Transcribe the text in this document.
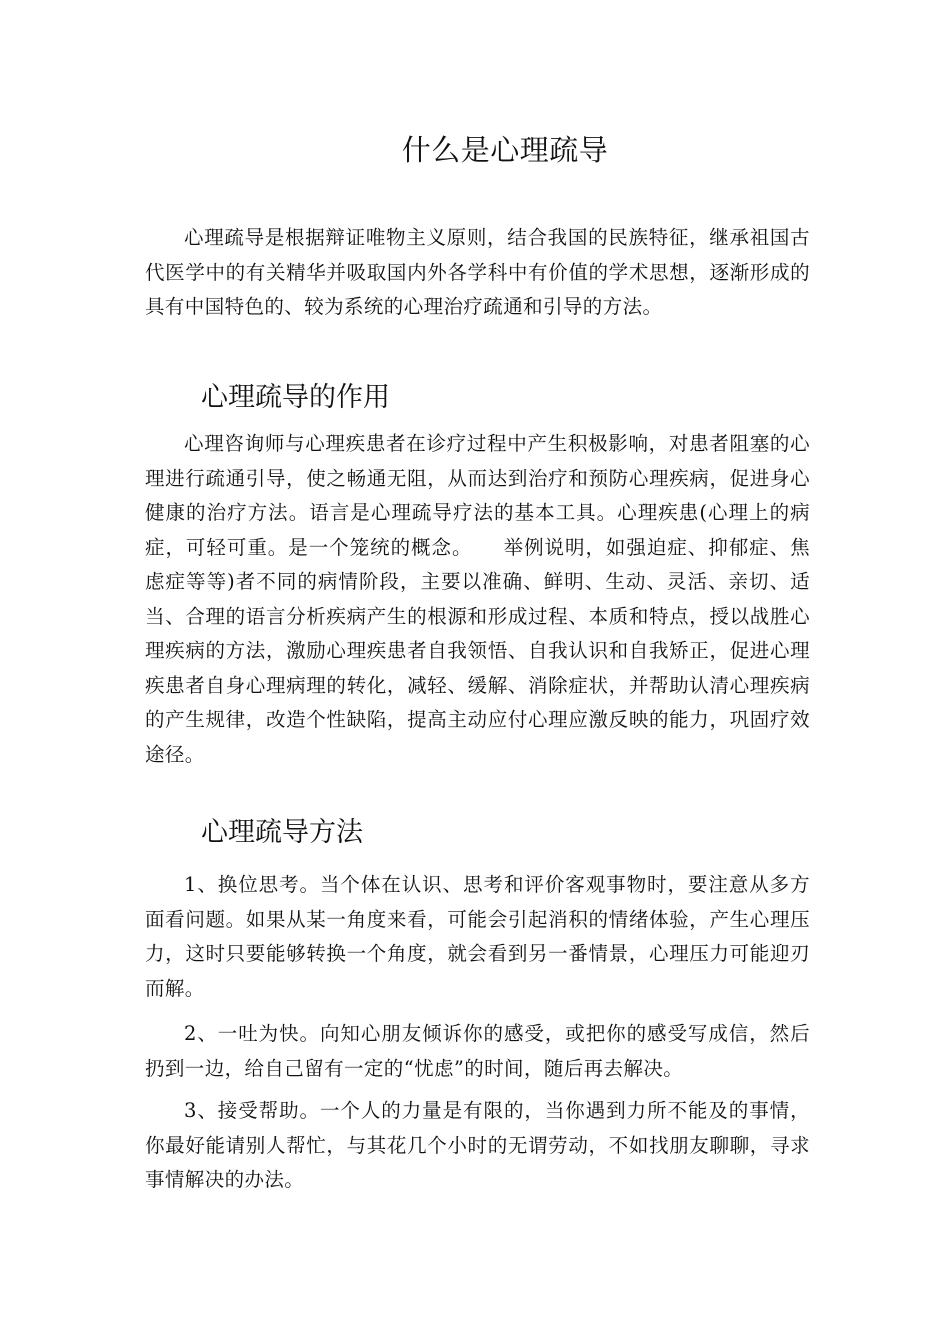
什么是心理疏导

心理疏导是根据辩证唯物主义原则，结合我国的民族特征，继承祖国古代医学中的有关精华并吸取国内外各学科中有价值的学术思想，逐渐形成的具有中国特色的、较为系统的心理治疗疏通和引导的方法。

心理疏导的作用

心理咨询师与心理疾患者在诊疗过程中产生积极影响，对患者阻塞的心理进行疏通引导，使之畅通无阻，从而达到治疗和预防心理疾病，促进身心健康的治疗方法。语言是心理疏导疗法的基本工具。心理疾患(心理上的病症，可轻可重。是一个笼统的概念。　　举例说明，如强迫症、抑郁症、焦虑症等等)者不同的病情阶段，主要以准确、鲜明、生动、灵活、亲切、适当、合理的语言分析疾病产生的根源和形成过程、本质和特点，授以战胜心理疾病的方法，激励心理疾患者自我领悟、自我认识和自我矫正，促进心理疾患者自身心理病理的转化，减轻、缓解、消除症状，并帮助认清心理疾病的产生规律，改造个性缺陷，提高主动应付心理应激反映的能力，巩固疗效途径。

心理疏导方法

1、换位思考。当个体在认识、思考和评价客观事物时，要注意从多方面看问题。如果从某一角度来看，可能会引起消积的情绪体验，产生心理压力，这时只要能够转换一个角度，就会看到另一番情景，心理压力可能迎刃而解。

2、一吐为快。向知心朋友倾诉你的感受，或把你的感受写成信，然后扔到一边，给自己留有一定的“忧虑”的时间，随后再去解决。

3、接受帮助。一个人的力量是有限的，当你遇到力所不能及的事情，你最好能请别人帮忙，与其花几个小时的无谓劳动，不如找朋友聊聊，寻求事情解决的办法。
